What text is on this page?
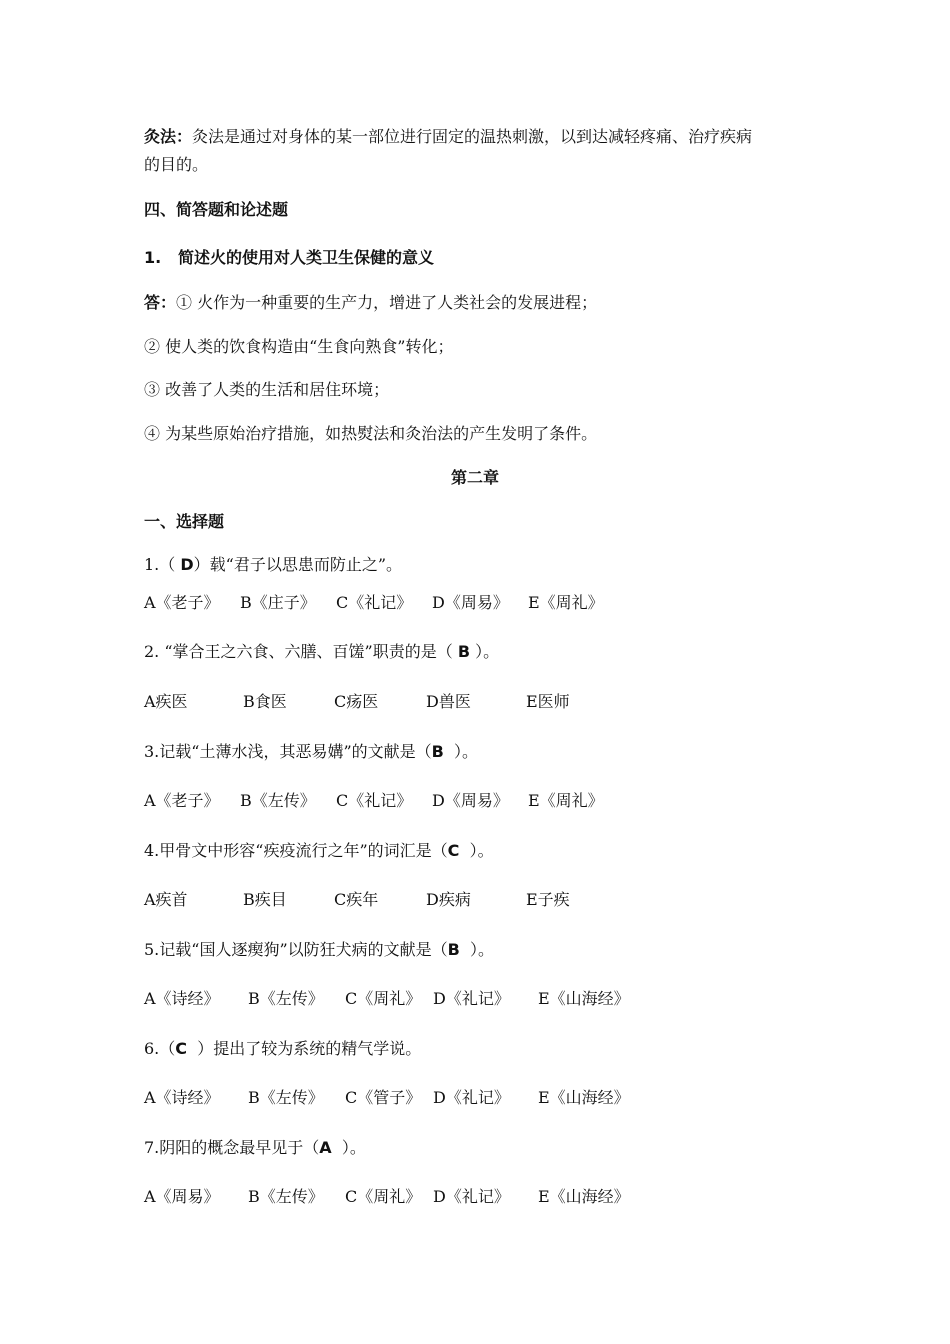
灸法：灸法是通过对身体的某一部位进行固定的温热刺激，以到达减轻疼痛、治疗疾病
的目的。
四、简答题和论述题
1. 简述火的使用对人类卫生保健的意义
答：① 火作为一种重要的生产力，增进了人类社会的发展进程；
② 使人类的饮食构造由“生食向熟食”转化；
③ 改善了人类的生活和居住环境；
④ 为某些原始治疗措施，如热熨法和灸治法的产生发明了条件。
第二章
一、选择题
1.（ D）载“君子以思患而防止之”。
A《老子》 B《庄子》 C《礼记》 D《周易》 E《周礼》
2. “掌合王之六食、六膳、百馐”职责的是（ B ）。
A疾医	B食医	C疡医	D兽医	E医师
3.记载“土薄水浅，其恶易媾”的文献是（B  ）。
A《老子》 B《左传》 C《礼记》 D《周易》 E《周礼》
4.甲骨文中形容“疾疫流行之年”的词汇是（C  ）。
A疾首	B疾目	C疾年	D疾病	E子疾
5.记载“国人逐瘈狗”以防狂犬病的文献是（B  ）。
A《诗经》 B《左传》 C《周礼》 D《礼记》 E《山海经》
6.（C  ）提出了较为系统的精气学说。
A《诗经》 B《左传》 C《管子》 D《礼记》 E《山海经》
7.阴阳的概念最早见于（A  ）。
A《周易》 B《左传》 C《周礼》 D《礼记》 E《山海经》
